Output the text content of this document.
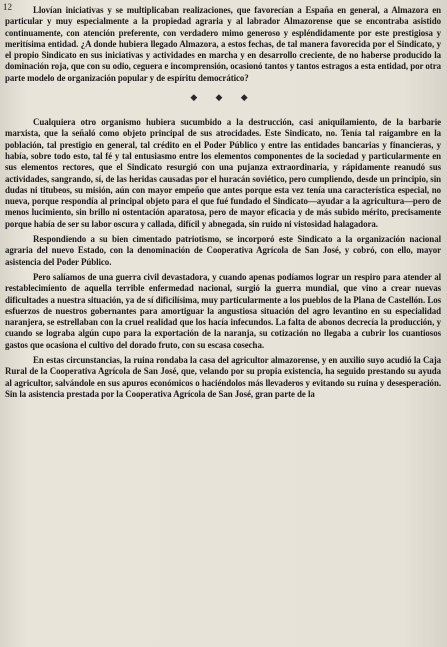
12	Llovían iniciativas y se multiplicaban realizaciones, que favorecían a España en general, a Almazora en particular y muy especialmente a la propiedad agraria y al labrador Almazorense que se encontraba asistido continuamente, con atención preferente, con verdadero mimo generoso y espléndidamente por este prestigiosa y meritísima entidad. ¿A donde hubiera llegado Almazora, a estos fechas, de tal manera favorecida por el Sindicato, y el propio Sindicato en sus iniciativas y actividades en marcha y en desarrollo creciente, de no haberse producido la dominación roja, que con su odio, ceguera e incomprensión, ocasionó tantos y tantos estragos a esta entidad, por otra parte modelo de organización popular y de espíritu democrático?

◆ ◆ ◆

Cualquiera otro organismo hubiera sucumbido a la destrucción, casi aniquilamiento, de la barbarie marxista, que la señaló como objeto principal de sus atrocidades. Este Sindicato, no. Tenía tal raigambre en la población, tal prestigio en general, tal crédito en el Poder Público y entre las entidades bancarias y financieras, y había, sobre todo esto, tal fé y tal entusiasmo entre los elementos componentes de la sociedad y particularmente en sus elementos rectores, que el Sindicato resurgió con una pujanza extraordinaria, y rápidamente reanudó sus actividades, sangrando, sí, de las heridas causadas por el huracán soviético, pero cumpliendo, desde un principio, sin dudas ni titubeos, su misión, aún con mayor empeño que antes porque esta vez tenía una característica especial, no nueva, porque respondía al principal objeto para el que fué fundado el Sindicato—ayudar a la agricultura—pero de menos lucimiento, sin brillo ni ostentación aparatosa, pero de mayor eficacia y de más subido mérito, precisamente porque había de ser su labor oscura y callada, difícil y abnegada, sin ruido ni vistosidad halagadora.

Respondiendo a su bien cimentado patriotismo, se incorporó este Sindicato a la organización nacional agraria del nuevo Estado, con la denominación de Cooperativa Agrícola de San José, y cobró, con ello, mayor asistencia del Poder Público.

Pero salíamos de una guerra civil devastadora, y cuando apenas podíamos lograr un respiro para atender al restablecimiento de aquella terrible enfermedad nacional, surgió la guerra mundial, que vino a crear nuevas dificultades a nuestra situación, ya de sí dificilísima, muy particularmente a los pueblos de la Plana de Castellón. Los esfuerzos de nuestros gobernantes para amortiguar la angustiosa situación del agro levantino en su especialidad naranjera, se estrellaban con la cruel realidad que los hacía infecundos. La falta de abonos decrecía la producción, y cuando se lograba algún cupo para la exportación de la naranja, su cotización no llegaba a cubrir los cuantiosos gastos que ocasiona el cultivo del dorado fruto, con su escasa cosecha.

En estas circunstancias, la ruina rondaba la casa del agricultor almazorense, y en auxilio suyo acudió la Caja Rural de la Cooperativa Agrícola de San José, que, velando por su propia existencia, ha seguido prestando su ayuda al agricultor, salvándole en sus apuros económicos o haciéndolos más llevaderos y evitando su ruina y desesperación. Sin la asistencia prestada por la Cooperativa Agrícola de San José, gran parte de la
